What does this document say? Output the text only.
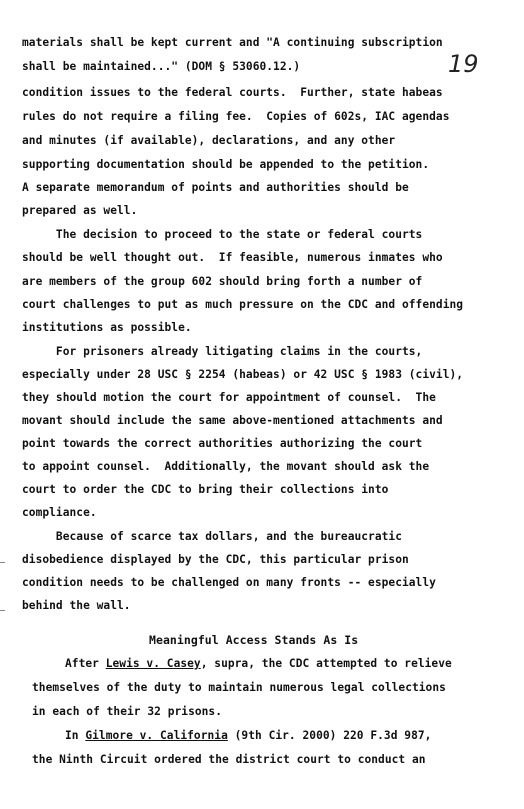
19
materials shall be kept current and "A continuing subscription
shall be maintained..." (DOM § 53060.12.)
condition issues to the federal courts.  Further, state habeas
rules do not require a filing fee.  Copies of 602s, IAC agendas
and minutes (if available), declarations, and any other
supporting documentation should be appended to the petition.
A separate memorandum of points and authorities should be
prepared as well.
The decision to proceed to the state or federal courts
should be well thought out.  If feasible, numerous inmates who
are members of the group 602 should bring forth a number of
court challenges to put as much pressure on the CDC and offending
institutions as possible.
For prisoners already litigating claims in the courts,
especially under 28 USC § 2254 (habeas) or 42 USC § 1983 (civil),
they should motion the court for appointment of counsel.  The
movant should include the same above-mentioned attachments and
point towards the correct authorities authorizing the court
to appoint counsel.  Additionally, the movant should ask the
court to order the CDC to bring their collections into
compliance.
Because of scarce tax dollars, and the bureaucratic
disobedience displayed by the CDC, this particular prison
condition needs to be challenged on many fronts -- especially
behind the wall.
Meaningful Access Stands As Is
After Lewis v. Casey, supra, the CDC attempted to relieve
themselves of the duty to maintain numerous legal collections
in each of their 32 prisons.
In Gilmore v. California (9th Cir. 2000) 220 F.3d 987,
the Ninth Circuit ordered the district court to conduct an
